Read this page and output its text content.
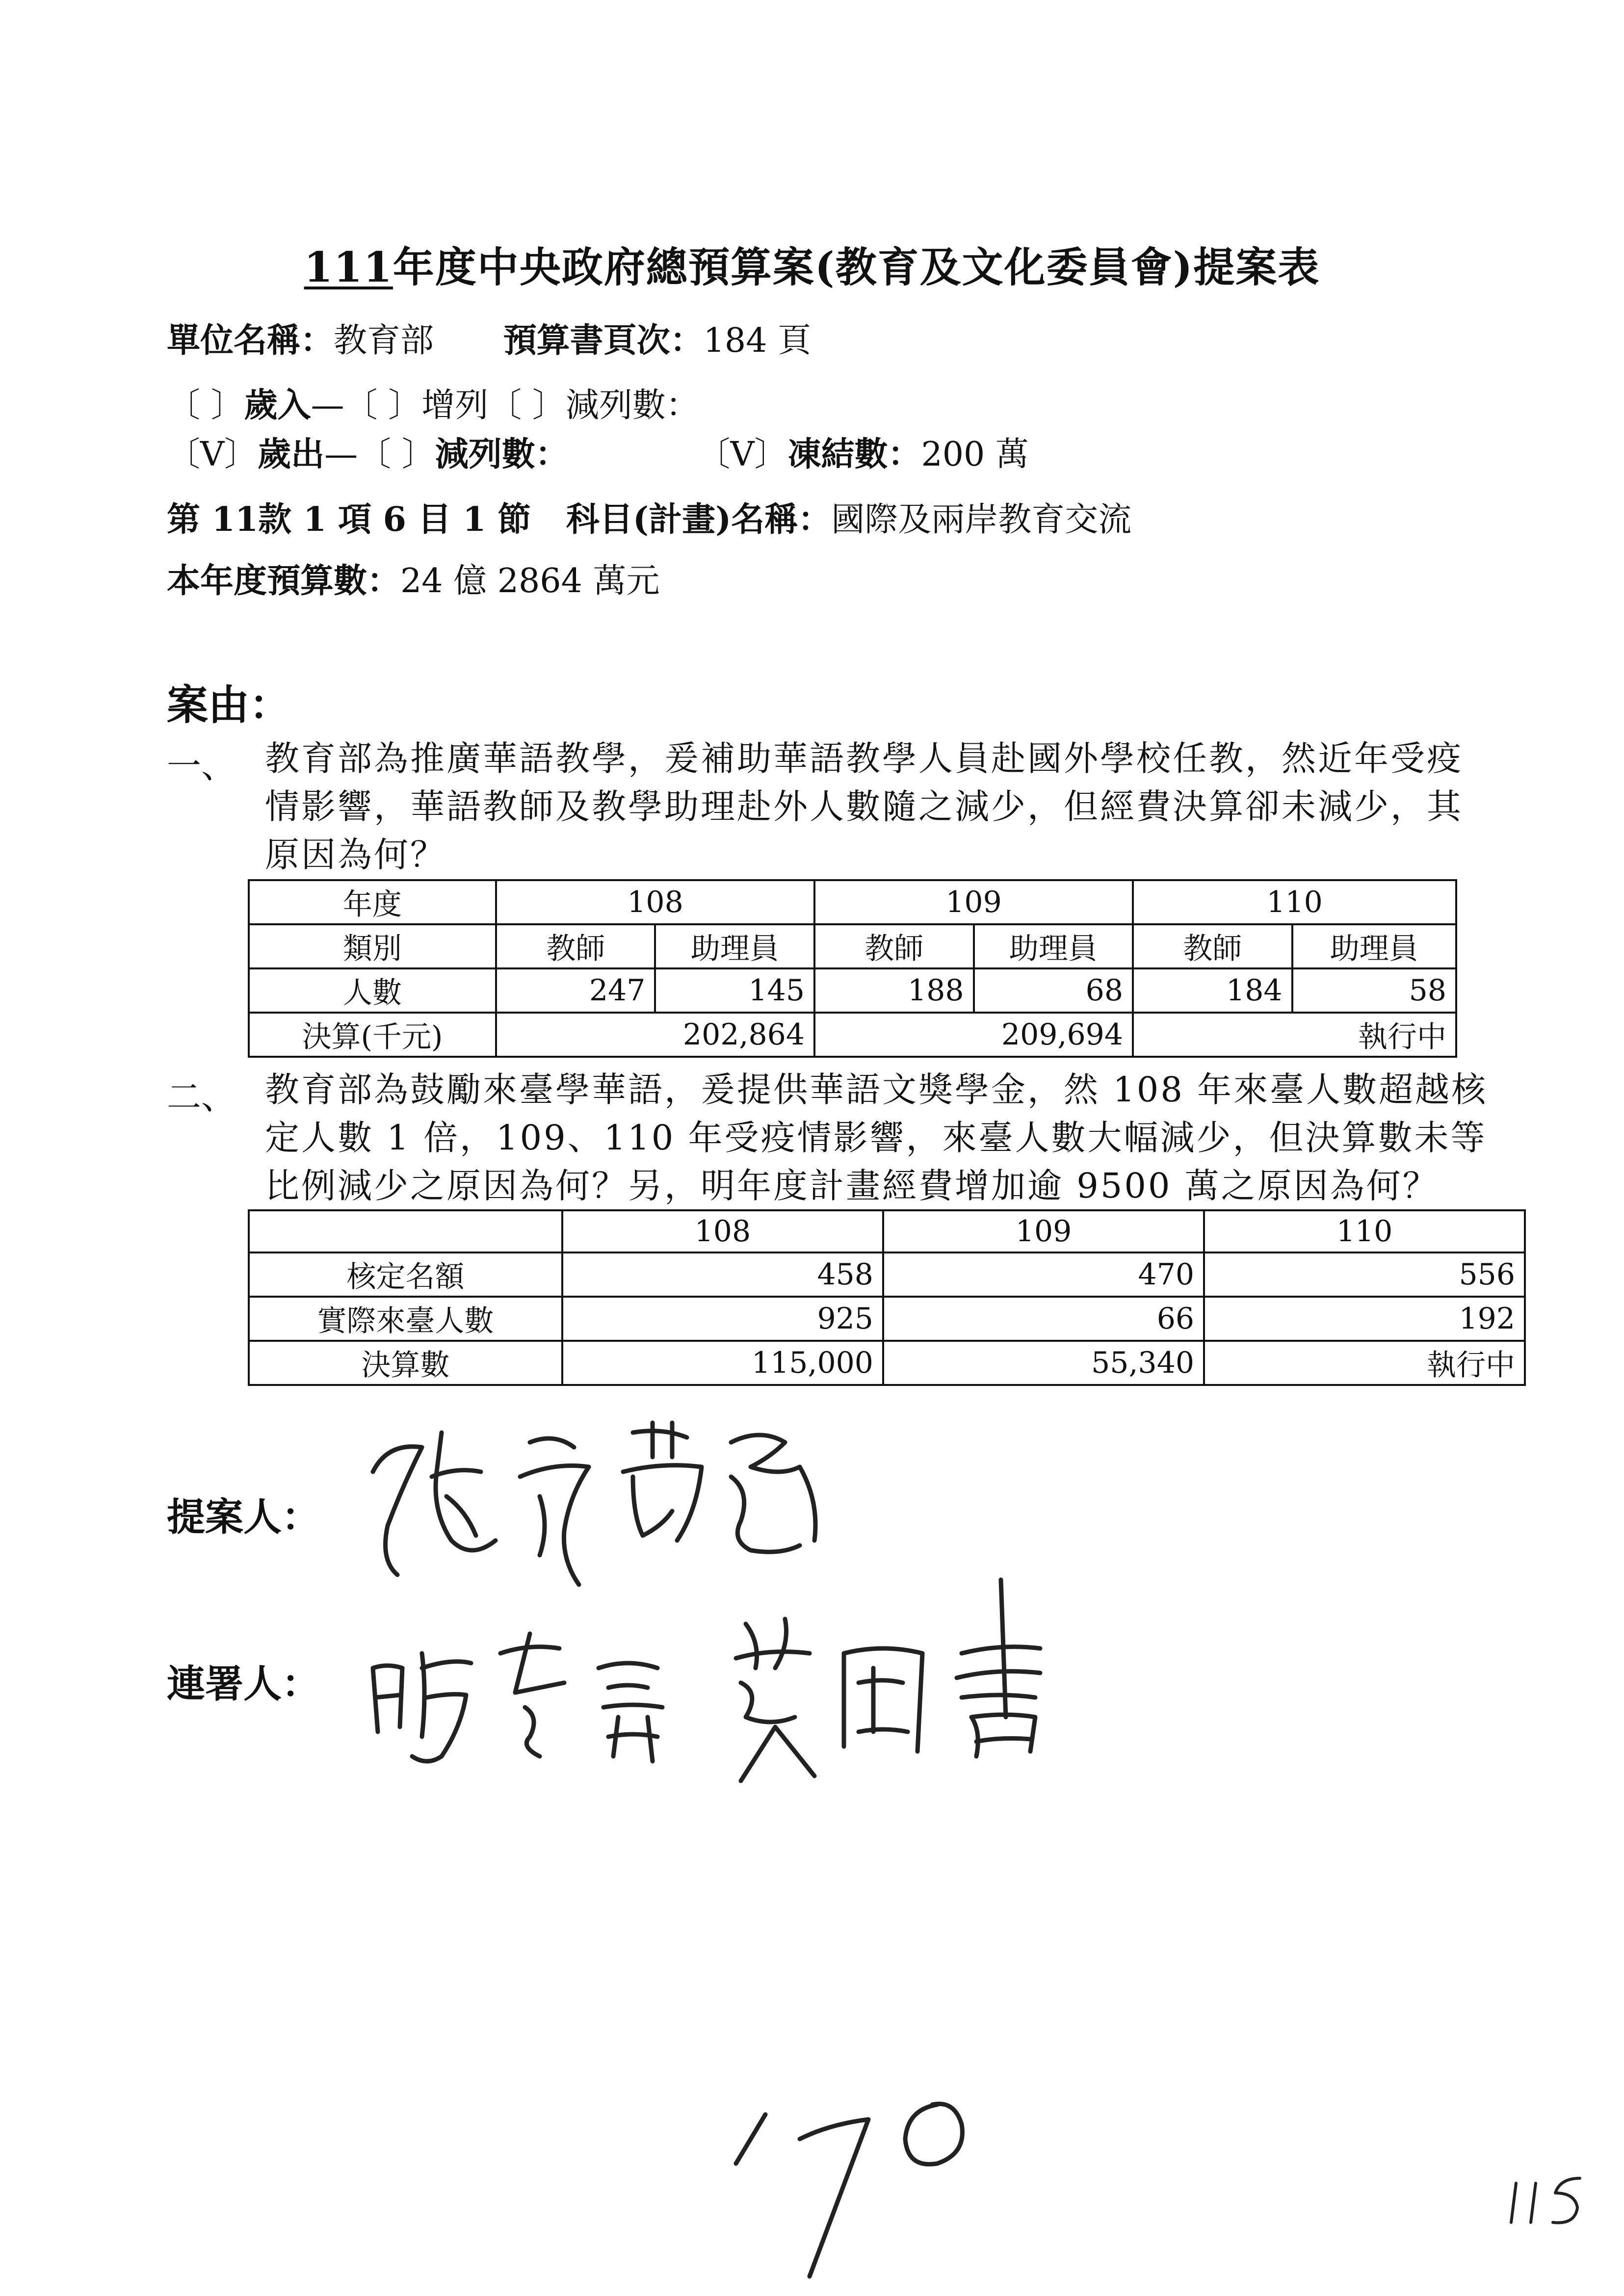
111年度中央政府總預算案(教育及文化委員會)提案表
單位名稱：教育部 預算書頁次：184 頁
〔 〕歲入—〔 〕增列〔 〕減列數：
〔V〕歲出—〔 〕減列數：	〔V〕凍結數：200 萬
第 11款 1 項 6 目 1 節 科目(計畫)名稱：國際及兩岸教育交流
本年度預算數：24 億 2864 萬元
案由：
一、 教育部為推廣華語教學，爰補助華語教學人員赴國外學校任教，然近年受疫情影響，華語教師及教學助理赴外人數隨之減少，但經費決算卻未減少，其原因為何？
年度	108		109		110	
類別	教師	助理員	教師	助理員	教師	助理員
人數	247	145	188	68	184	58
決算(千元)	202,864		209,694		執行中	
二、 教育部為鼓勵來臺學華語，爰提供華語文獎學金，然 108 年來臺人數超越核定人數 1 倍，109、110 年受疫情影響，來臺人數大幅減少，但決算數未等比例減少之原因為何？另，明年度計畫經費增加逾 9500 萬之原因為何？
	108	109	110
核定名額	458	470	556
實際來臺人數	925	66	192
決算數	115,000	55,340	執行中
提案人：
連署人：
